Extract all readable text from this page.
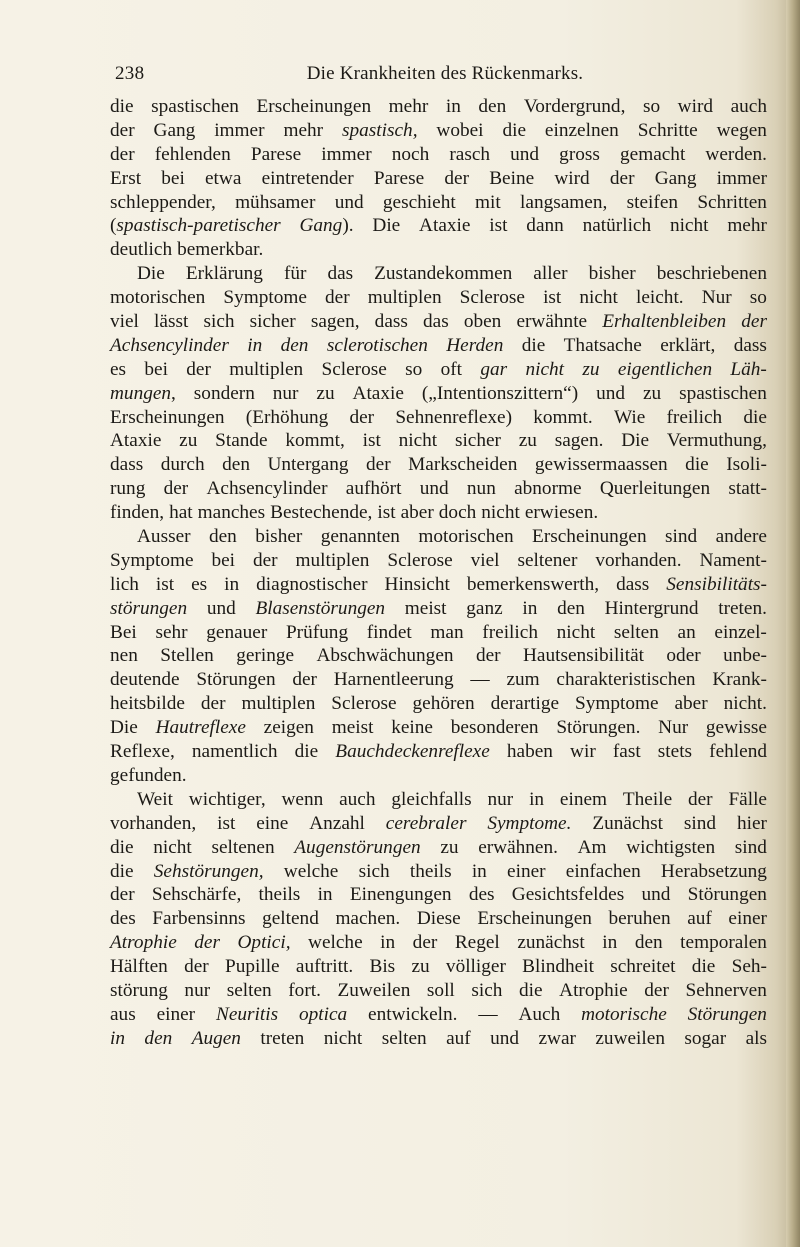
238	Die Krankheiten des Rückenmarks.
die spastischen Erscheinungen mehr in den Vordergrund, so wird auch
der Gang immer mehr spastisch, wobei die einzelnen Schritte wegen
der fehlenden Parese immer noch rasch und gross gemacht werden.
Erst bei etwa eintretender Parese der Beine wird der Gang immer
schleppender, mühsamer und geschieht mit langsamen, steifen Schritten
(spastisch-paretischer Gang). Die Ataxie ist dann natürlich nicht mehr
deutlich bemerkbar.
Die Erklärung für das Zustandekommen aller bisher beschriebenen
motorischen Symptome der multiplen Sclerose ist nicht leicht. Nur so
viel lässt sich sicher sagen, dass das oben erwähnte Erhaltenbleiben der
Achsencylinder in den sclerotischen Herden die Thatsache erklärt, dass
es bei der multiplen Sclerose so oft gar nicht zu eigentlichen Läh-
mungen, sondern nur zu Ataxie („Intentionszittern“) und zu spastischen
Erscheinungen (Erhöhung der Sehnenreflexe) kommt. Wie freilich die
Ataxie zu Stande kommt, ist nicht sicher zu sagen. Die Vermuthung,
dass durch den Untergang der Markscheiden gewissermaassen die Isoli-
rung der Achsencylinder aufhört und nun abnorme Querleitungen statt-
finden, hat manches Bestechende, ist aber doch nicht erwiesen.
Ausser den bisher genannten motorischen Erscheinungen sind andere
Symptome bei der multiplen Sclerose viel seltener vorhanden. Nament-
lich ist es in diagnostischer Hinsicht bemerkenswerth, dass Sensibilitäts-
störungen und Blasenstörungen meist ganz in den Hintergrund treten.
Bei sehr genauer Prüfung findet man freilich nicht selten an einzel-
nen Stellen geringe Abschwächungen der Hautsensibilität oder unbe-
deutende Störungen der Harnentleerung — zum charakteristischen Krank-
heitsbilde der multiplen Sclerose gehören derartige Symptome aber nicht.
Die Hautreflexe zeigen meist keine besonderen Störungen. Nur gewisse
Reflexe, namentlich die Bauchdeckenreflexe haben wir fast stets fehlend
gefunden.
Weit wichtiger, wenn auch gleichfalls nur in einem Theile der Fälle
vorhanden, ist eine Anzahl cerebraler Symptome. Zunächst sind hier
die nicht seltenen Augenstörungen zu erwähnen. Am wichtigsten sind
die Sehstörungen, welche sich theils in einer einfachen Herabsetzung
der Sehschärfe, theils in Einengungen des Gesichtsfeldes und Störungen
des Farbensinns geltend machen. Diese Erscheinungen beruhen auf einer
Atrophie der Optici, welche in der Regel zunächst in den temporalen
Hälften der Pupille auftritt. Bis zu völliger Blindheit schreitet die Seh-
störung nur selten fort. Zuweilen soll sich die Atrophie der Sehnerven
aus einer Neuritis optica entwickeln. — Auch motorische Störungen
in den Augen treten nicht selten auf und zwar zuweilen sogar als
